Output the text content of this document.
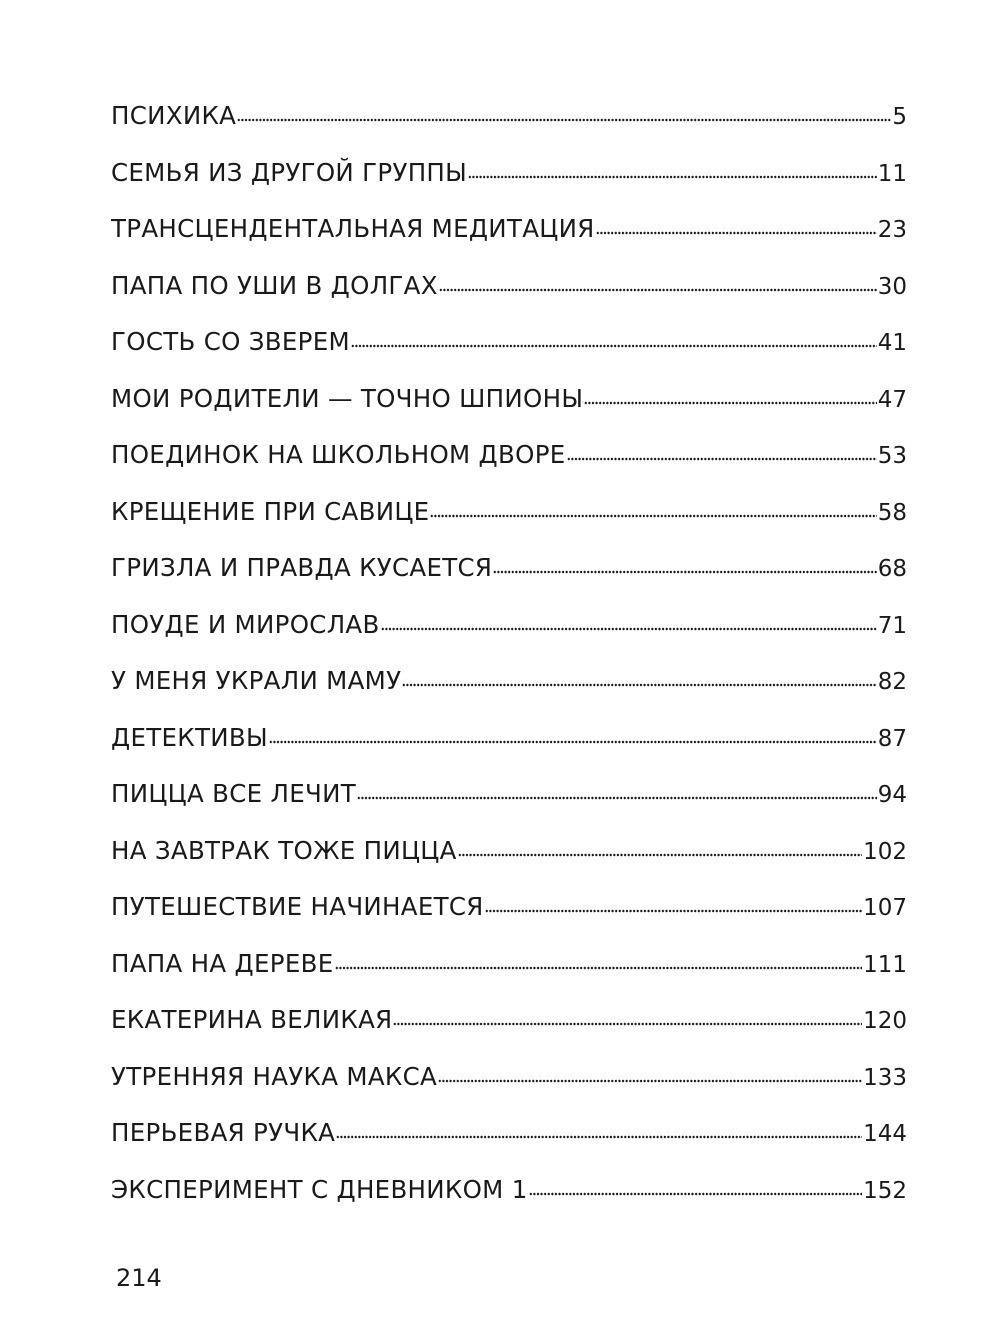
ПСИХИКА	5
СЕМЬЯ ИЗ ДРУГОЙ ГРУППЫ	11
ТРАНСЦЕНДЕНТАЛЬНАЯ МЕДИТАЦИЯ	23
ПАПА ПО УШИ В ДОЛГАХ	30
ГОСТЬ СО ЗВЕРЕМ	41
МОИ РОДИТЕЛИ — ТОЧНО ШПИОНЫ	47
ПОЕДИНОК НА ШКОЛЬНОМ ДВОРЕ	53
КРЕЩЕНИЕ ПРИ САВИЦЕ	58
ГРИЗЛА И ПРАВДА КУСАЕТСЯ	68
ПОУДЕ И МИРОСЛАВ	71
У МЕНЯ УКРАЛИ МАМУ	82
ДЕТЕКТИВЫ	87
ПИЦЦА ВСЕ ЛЕЧИТ	94
НА ЗАВТРАК ТОЖЕ ПИЦЦА	102
ПУТЕШЕСТВИЕ НАЧИНАЕТСЯ	107
ПАПА НА ДЕРЕВЕ	111
ЕКАТЕРИНА ВЕЛИКАЯ	120
УТРЕННЯЯ НАУКА МАКСА	133
ПЕРЬЕВАЯ РУЧКА	144
ЭКСПЕРИМЕНТ С ДНЕВНИКОМ 1	152
214
